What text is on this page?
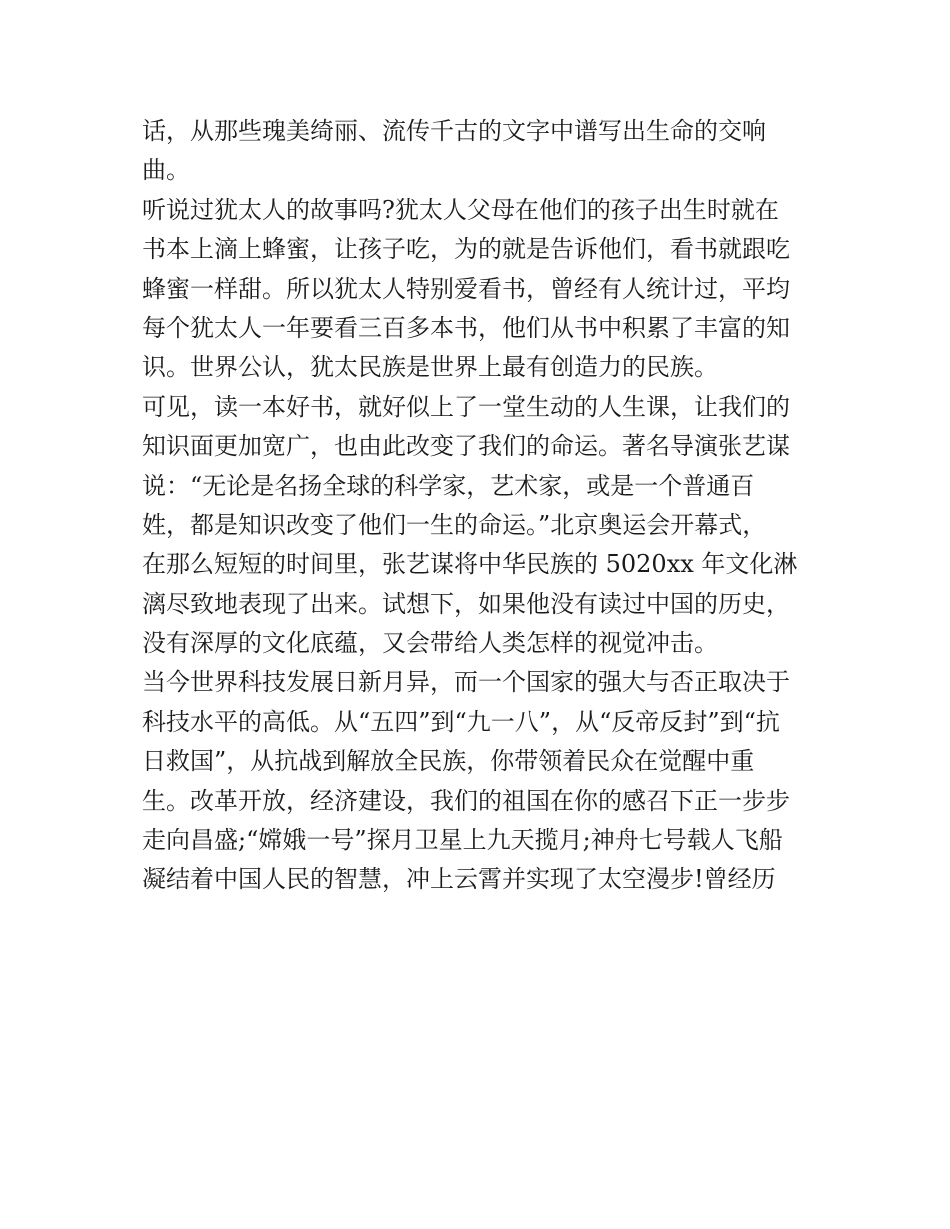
话，从那些瑰美绮丽、流传千古的文字中谱写出生命的交响
曲。
听说过犹太人的故事吗?犹太人父母在他们的孩子出生时就在
书本上滴上蜂蜜，让孩子吃，为的就是告诉他们，看书就跟吃
蜂蜜一样甜。所以犹太人特别爱看书，曾经有人统计过，平均
每个犹太人一年要看三百多本书，他们从书中积累了丰富的知
识。世界公认，犹太民族是世界上最有创造力的民族。
可见，读一本好书，就好似上了一堂生动的人生课，让我们的
知识面更加宽广，也由此改变了我们的命运。著名导演张艺谋
说：“无论是名扬全球的科学家，艺术家，或是一个普通百
姓，都是知识改变了他们一生的命运。”北京奥运会开幕式，
在那么短短的时间里，张艺谋将中华民族的 5020xx 年文化淋
漓尽致地表现了出来。试想下，如果他没有读过中国的历史，
没有深厚的文化底蕴，又会带给人类怎样的视觉冲击。
当今世界科技发展日新月异，而一个国家的强大与否正取决于
科技水平的高低。从“五四”到“九一八”，从“反帝反封”到“抗
日救国”，从抗战到解放全民族，你带领着民众在觉醒中重
生。改革开放，经济建设，我们的祖国在你的感召下正一步步
走向昌盛;“嫦娥一号”探月卫星上九天揽月;神舟七号载人飞船
凝结着中国人民的智慧，冲上云霄并实现了太空漫步!曾经历
